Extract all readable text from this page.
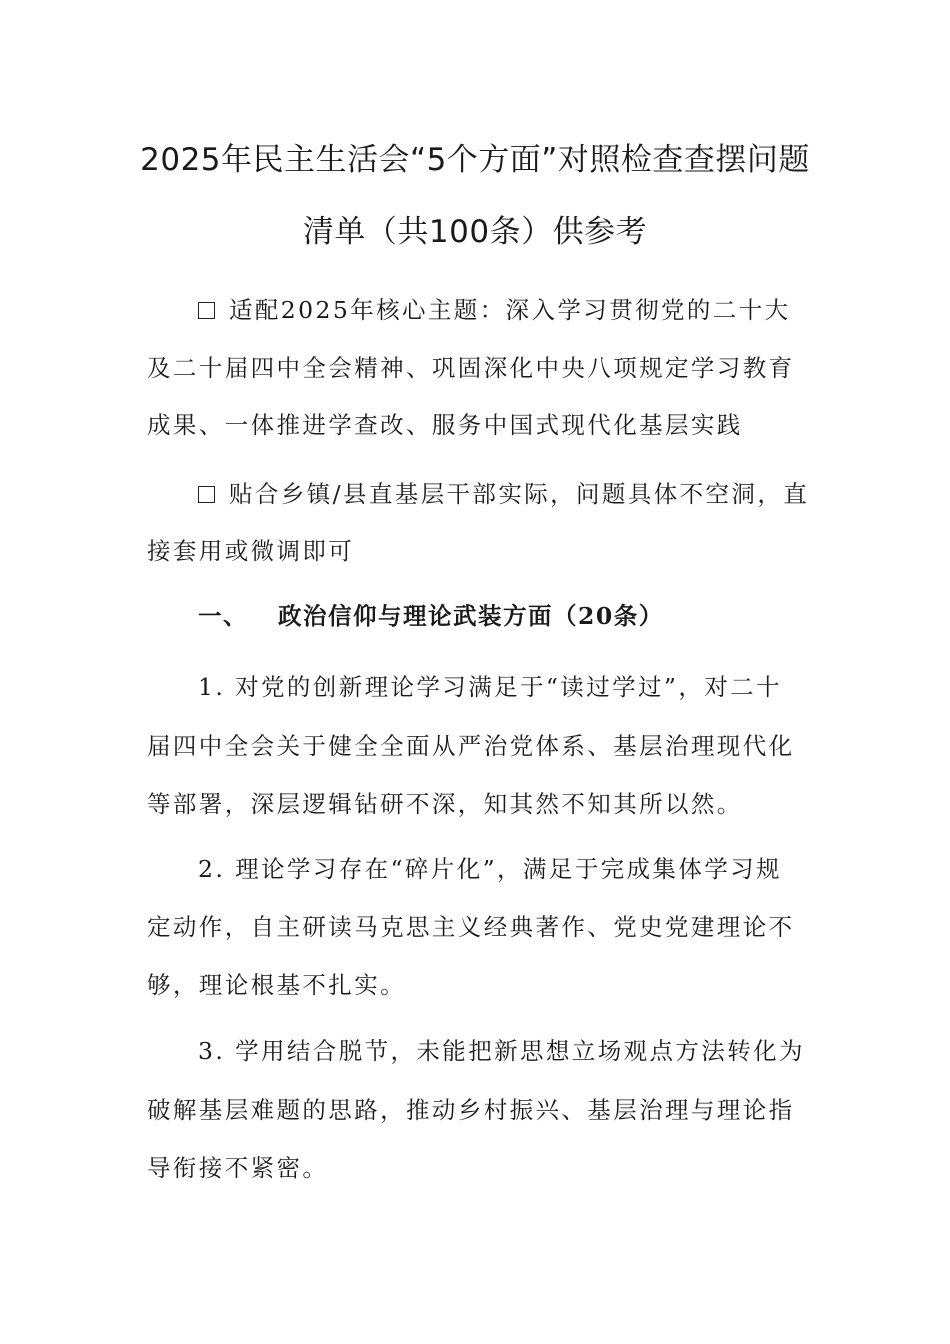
2025年民主生活会“5个方面”对照检查查摆问题
清单（共100条）供参考
适配2025年核心主题：深入学习贯彻党的二十大
及二十届四中全会精神、巩固深化中央八项规定学习教育
成果、一体推进学查改、服务中国式现代化基层实践
贴合乡镇/县直基层干部实际，问题具体不空洞，直
接套用或微调即可
一、 政治信仰与理论武装方面（20条）
1. 对党的创新理论学习满足于“读过学过”，对二十
届四中全会关于健全全面从严治党体系、基层治理现代化
等部署，深层逻辑钻研不深，知其然不知其所以然。
2. 理论学习存在“碎片化”，满足于完成集体学习规
定动作，自主研读马克思主义经典著作、党史党建理论不
够，理论根基不扎实。
3. 学用结合脱节，未能把新思想立场观点方法转化为
破解基层难题的思路，推动乡村振兴、基层治理与理论指
导衔接不紧密。
